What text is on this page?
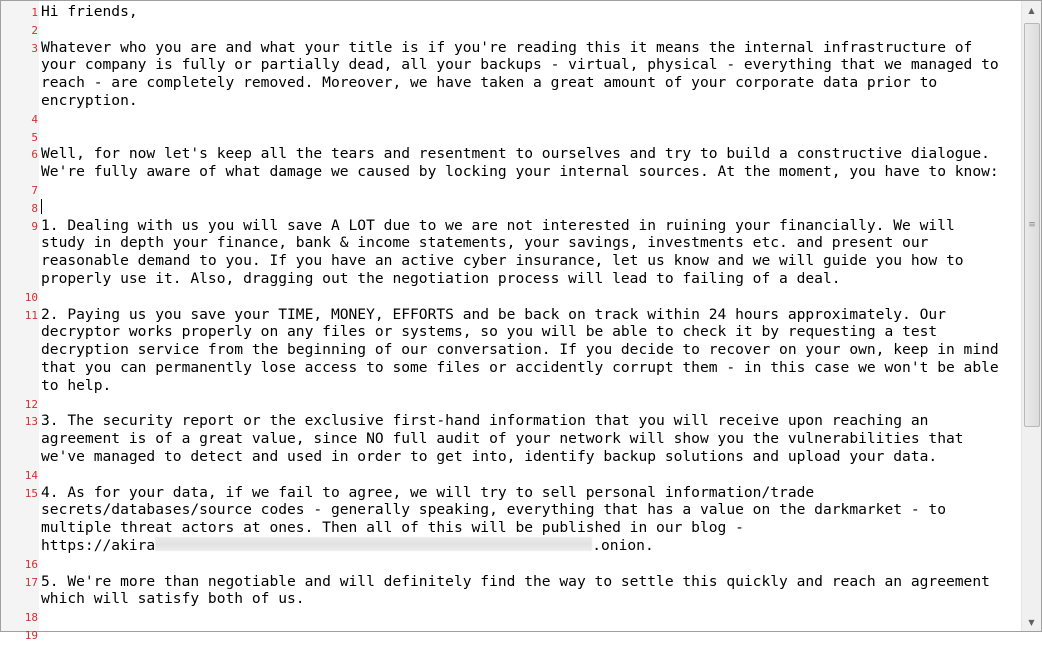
1 Hi friends,
2
3 Whatever who you are and what your title is if you're reading this it means the internal infrastructure of
your company is fully or partially dead, all your backups - virtual, physical - everything that we managed to
reach - are completely removed. Moreover, we have taken a great amount of your corporate data prior to
encryption.
4
5
6 Well, for now let's keep all the tears and resentment to ourselves and try to build a constructive dialogue.
We're fully aware of what damage we caused by locking your internal sources. At the moment, you have to know:
7
8
9 1. Dealing with us you will save A LOT due to we are not interested in ruining your financially. We will
study in depth your finance, bank & income statements, your savings, investments etc. and present our
reasonable demand to you. If you have an active cyber insurance, let us know and we will guide you how to
properly use it. Also, dragging out the negotiation process will lead to failing of a deal.
10
11 2. Paying us you save your TIME, MONEY, EFFORTS and be back on track within 24 hours approximately. Our
decryptor works properly on any files or systems, so you will be able to check it by requesting a test
decryption service from the beginning of our conversation. If you decide to recover on your own, keep in mind
that you can permanently lose access to some files or accidently corrupt them - in this case we won't be able
to help.
12
13 3. The security report or the exclusive first-hand information that you will receive upon reaching an
agreement is of a great value, since NO full audit of your network will show you the vulnerabilities that
we've managed to detect and used in order to get into, identify backup solutions and upload your data.
14
15 4. As for your data, if we fail to agree, we will try to sell personal information/trade
secrets/databases/source codes - generally speaking, everything that has a value on the darkmarket - to
multiple threat actors at ones. Then all of this will be published in our blog -
https://akira	.onion.
16
17 5. We're more than negotiable and will definitely find the way to settle this quickly and reach an agreement
which will satisfy both of us.
18
19
▲
≡
▼
